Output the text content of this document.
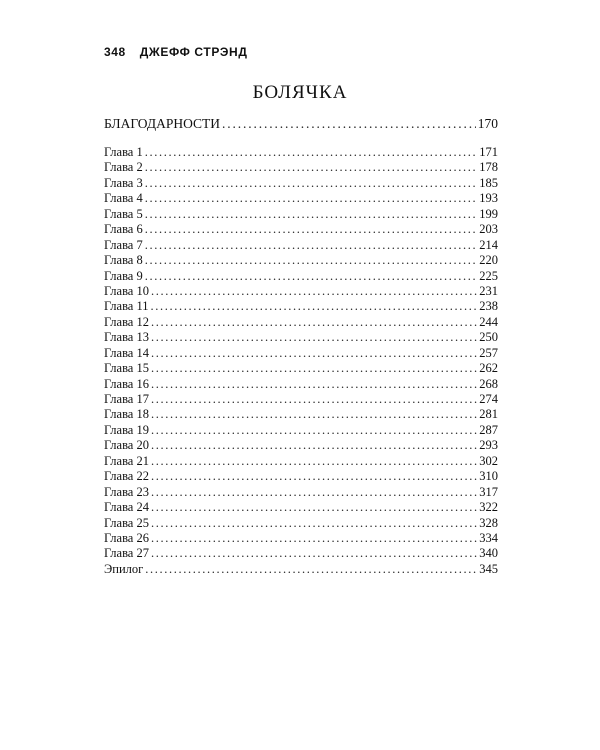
348 ДЖЕФФ СТРЭНД
БОЛЯЧКА
БЛАГОДАРНОСТИ . . .	170
Глава 1 . . .	171
Глава 2 . . .	178
Глава 3 . . .	185
Глава 4 . . .	193
Глава 5 . . .	199
Глава 6 . . .	203
Глава 7 . . .	214
Глава 8 . . .	220
Глава 9 . . .	225
Глава 10 . . .	231
Глава 11 . . .	238
Глава 12 . . .	244
Глава 13 . . .	250
Глава 14 . . .	257
Глава 15 . . .	262
Глава 16 . . .	268
Глава 17 . . .	274
Глава 18 . . .	281
Глава 19 . . .	287
Глава 20 . . .	293
Глава 21 . . .	302
Глава 22 . . .	310
Глава 23 . . .	317
Глава 24 . . .	322
Глава 25 . . .	328
Глава 26 . . .	334
Глава 27 . . .	340
Эпилог . . .	345
